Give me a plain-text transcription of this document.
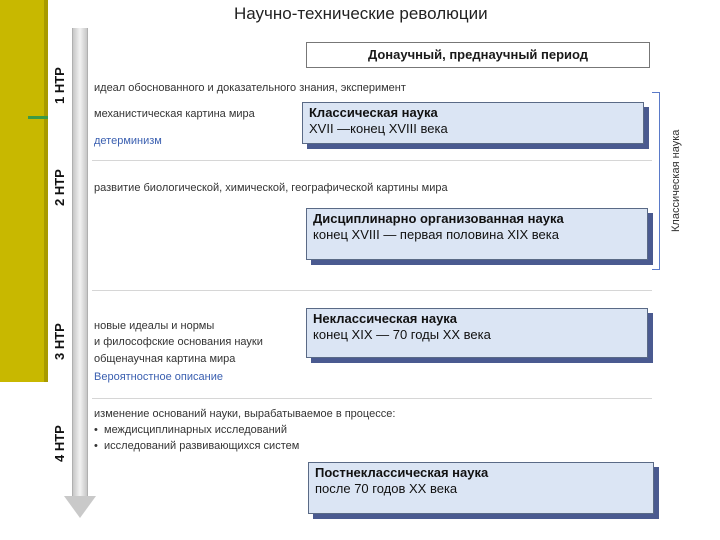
Научно-технические революции
1 НТР
2 НТР
3 НТР
4 НТР
Донаучный, преднаучный период
идеал обоснованного и доказательного знания, эксперимент
механистическая картина мира
детерминизм
развитие биологической, химической, географической картины мира
новые идеалы и нормы
и философские основания науки
общенаучная картина мира
Вероятностное описание
изменение оснований науки, вырабатываемое в процессе:
• междисциплинарных исследований
• исследований развивающихся систем
Классическая наука
XVII —конец XVIII века
Дисциплинарно организованная наука
конец XVIII — первая половина XIX века
Неклассическая наука
конец XIX — 70 годы XX века
Постнеклассическая наука
после 70 годов XX века
Классическая наука
